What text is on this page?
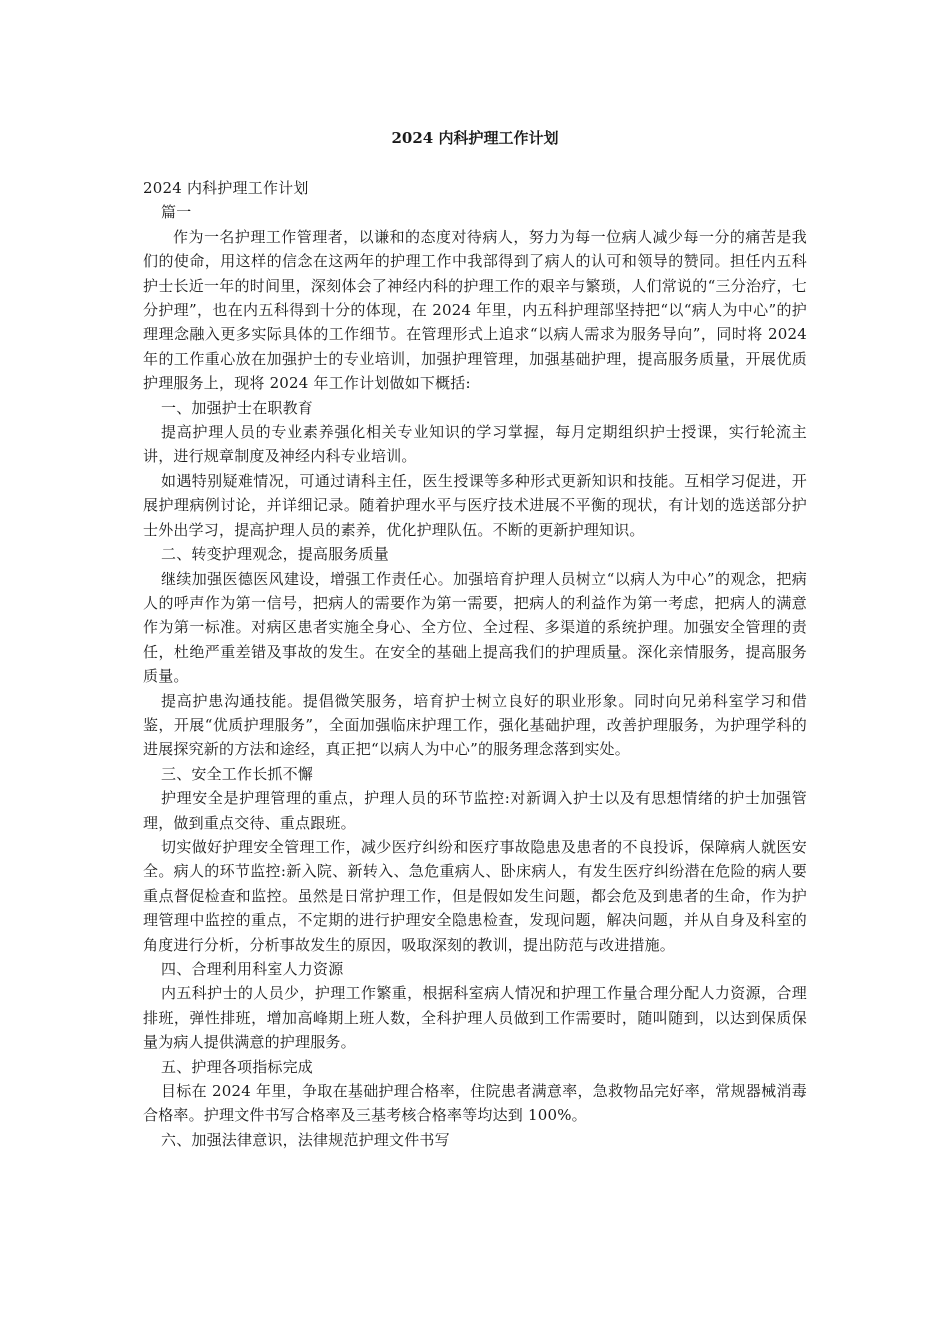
2024 内科护理工作计划

2024 内科护理工作计划

篇一

作为一名护理工作管理者，以谦和的态度对待病人，努力为每一位病人减少每一分的痛苦是我们的使命，用这样的信念在这两年的护理工作中我部得到了病人的认可和领导的赞同。担任内五科护士长近一年的时间里，深刻体会了神经内科的护理工作的艰辛与繁琐，人们常说的“三分治疗，七分护理”，也在内五科得到十分的体现，在 2024 年里，内五科护理部坚持把“以“病人为中心”的护理理念融入更多实际具体的工作细节。在管理形式上追求“以病人需求为服务导向”，同时将 2024 年的工作重心放在加强护士的专业培训，加强护理管理，加强基础护理，提高服务质量，开展优质护理服务上，现将 2024 年工作计划做如下概括:

一、加强护士在职教育

提高护理人员的专业素养强化相关专业知识的学习掌握，每月定期组织护士授课，实行轮流主讲，进行规章制度及神经内科专业培训。

如遇特别疑难情况，可通过请科主任，医生授课等多种形式更新知识和技能。互相学习促进，开展护理病例讨论，并详细记录。随着护理水平与医疗技术进展不平衡的现状，有计划的选送部分护士外出学习，提高护理人员的素养，优化护理队伍。不断的更新护理知识。

二、转变护理观念，提高服务质量

继续加强医德医风建设，增强工作责任心。加强培育护理人员树立“以病人为中心”的观念，把病人的呼声作为第一信号，把病人的需要作为第一需要，把病人的利益作为第一考虑，把病人的满意作为第一标准。对病区患者实施全身心、全方位、全过程、多渠道的系统护理。加强安全管理的责任，杜绝严重差错及事故的发生。在安全的基础上提高我们的护理质量。深化亲情服务，提高服务质量。

提高护患沟通技能。提倡微笑服务，培育护士树立良好的职业形象。同时向兄弟科室学习和借鉴，开展“优质护理服务”，全面加强临床护理工作，强化基础护理，改善护理服务，为护理学科的进展探究新的方法和途经，真正把“以病人为中心”的服务理念落到实处。

三、安全工作长抓不懈

护理安全是护理管理的重点，护理人员的环节监控:对新调入护士以及有思想情绪的护士加强管理，做到重点交待、重点跟班。

切实做好护理安全管理工作，减少医疗纠纷和医疗事故隐患及患者的不良投诉，保障病人就医安全。病人的环节监控:新入院、新转入、急危重病人、卧床病人，有发生医疗纠纷潜在危险的病人要重点督促检查和监控。虽然是日常护理工作，但是假如发生问题，都会危及到患者的生命，作为护理管理中监控的重点，不定期的进行护理安全隐患检查，发现问题，解决问题，并从自身及科室的角度进行分析，分析事故发生的原因，吸取深刻的教训，提出防范与改进措施。

四、合理利用科室人力资源

内五科护士的人员少，护理工作繁重，根据科室病人情况和护理工作量合理分配人力资源，合理排班，弹性排班，增加高峰期上班人数，全科护理人员做到工作需要时，随叫随到，以达到保质保量为病人提供满意的护理服务。

五、护理各项指标完成

目标在 2024 年里，争取在基础护理合格率，住院患者满意率，急救物品完好率，常规器械消毒合格率。护理文件书写合格率及三基考核合格率等均达到 100%。

六、加强法律意识，法律规范护理文件书写
